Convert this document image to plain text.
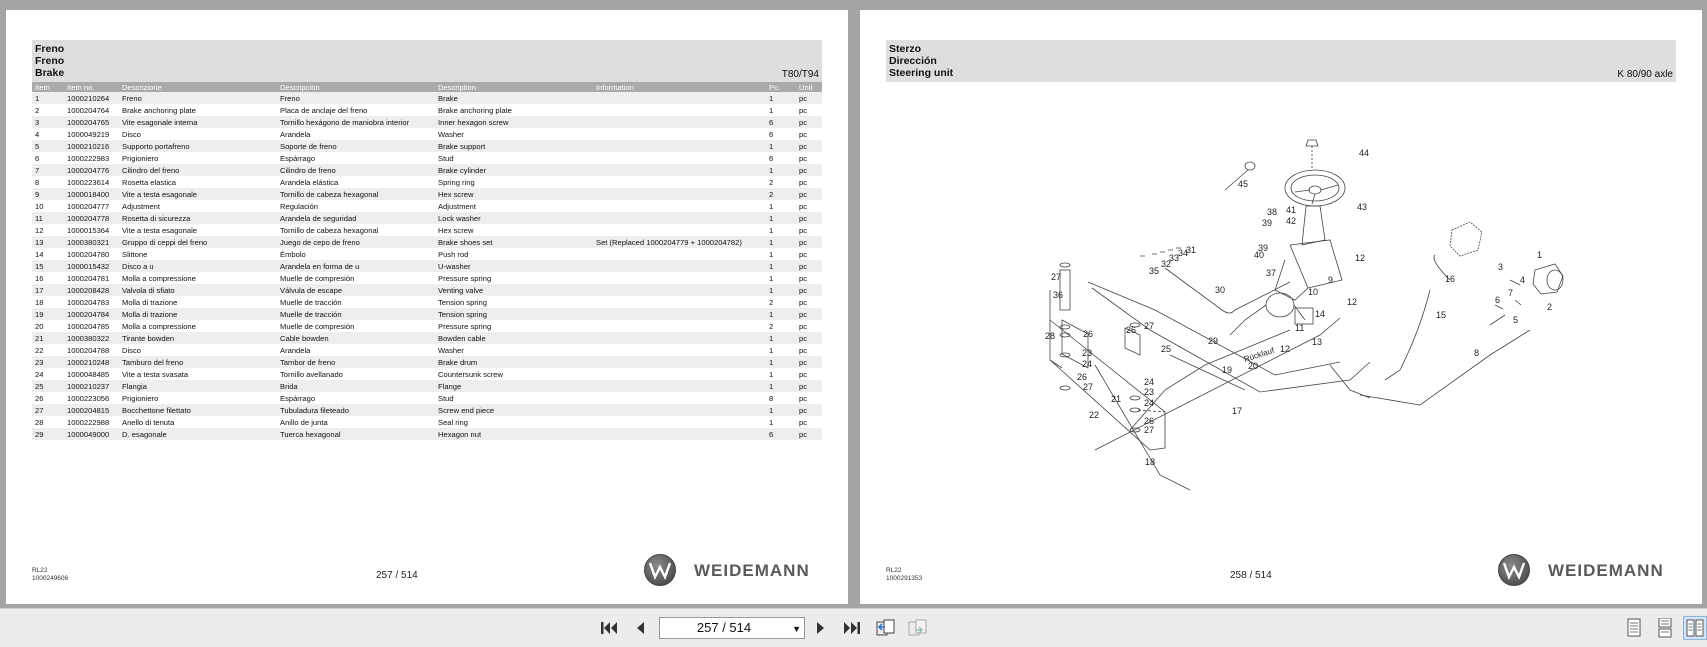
Freno
Freno
Brake	T80/T94
Item	Item no.	Descrizione	Descripción	Description	Information	Pc.	Unit
1	1000210264	Freno	Freno	Brake		1	pc
2	1000204764	Brake anchoring plate	Placa de anclaje del freno	Brake anchoring plate		1	pc
3	1000204765	Vite esagonale interna	Tornillo hexágono de maniobra interior	Inner hexagon screw		6	pc
4	1000049219	Disco	Arandela	Washer		6	pc
5	1000210216	Supporto portafreno	Soporte de freno	Brake support		1	pc
6	1000222983	Prigioniero	Espárrago	Stud		6	pc
7	1000204776	Cilindro del freno	Cilindro de freno	Brake cylinder		1	pc
8	1000223614	Rosetta elastica	Arandela elástica	Spring ring		2	pc
9	1000018400	Vite a testa esagonale	Tornillo de cabeza hexagonal	Hex screw		2	pc
10	1000204777	Adjustment	Regulación	Adjustment		1	pc
11	1000204778	Rosetta di sicurezza	Arandela de seguridad	Lock washer		1	pc
12	1000015364	Vite a testa esagonale	Tornillo de cabeza hexagonal	Hex screw		1	pc
13	1000380321	Gruppo di ceppi del freno	Juego de cepo de freno	Brake shoes set	Set (Replaced 1000204779 + 1000204782)	1	pc
14	1000204780	Slittone	Émbolo	Push rod		1	pc
15	1000015432	Disco a u	Arandela en forma de u	U-washer		1	pc
16	1000204781	Molla a compressione	Muelle de compresión	Pressure spring		1	pc
17	1000208428	Valvola di sfiato	Válvula de escape	Venting valve		1	pc
18	1000204783	Molla di trazione	Muelle de tracción	Tension spring		2	pc
19	1000204784	Molla di trazione	Muelle de tracción	Tension spring		1	pc
20	1000204785	Molla a compressione	Muelle de compresión	Pressure spring		2	pc
21	1000380322	Tirante bowden	Cable bowden	Bowden cable		1	pc
22	1000204788	Disco	Arandela	Washer		1	pc
23	1000210248	Tamburo del freno	Tambor de freno	Brake drum		1	pc
24	1000048485	Vite a testa svasata	Tornillo avellanado	Countersunk screw		1	pc
25	1000210237	Flangia	Brida	Flange		1	pc
26	1000223056	Prigioniero	Espárrago	Stud		8	pc
27	1000204815	Bocchettone filettato	Tubuladura fileteado	Screw end piece		1	pc
28	1000222988	Anello di tenuta	Anillo de junta	Seal ring		1	pc
29	1000049000	D. esagonale	Tuerca hexagonal	Hexagon nut		6	pc
RL22
1000249606	257 / 514	WEIDEMANN
Sterzo
Dirección
Steering unit	K 80/90 axle
1
2
3
4
5
6
7
8
9
10
11
12
13
14	15
16
17
18
19 20
21
22
23
24
25
26
27
28	29
30
31
32
33
34
35
36
37
38
39
40
41
42
43
44
45
12
12
24
23
24
26 27
27
26
39
26
27
Rücklauf
RL22
1000291353	258 / 514	WEIDEMANN
257 / 514	▼
